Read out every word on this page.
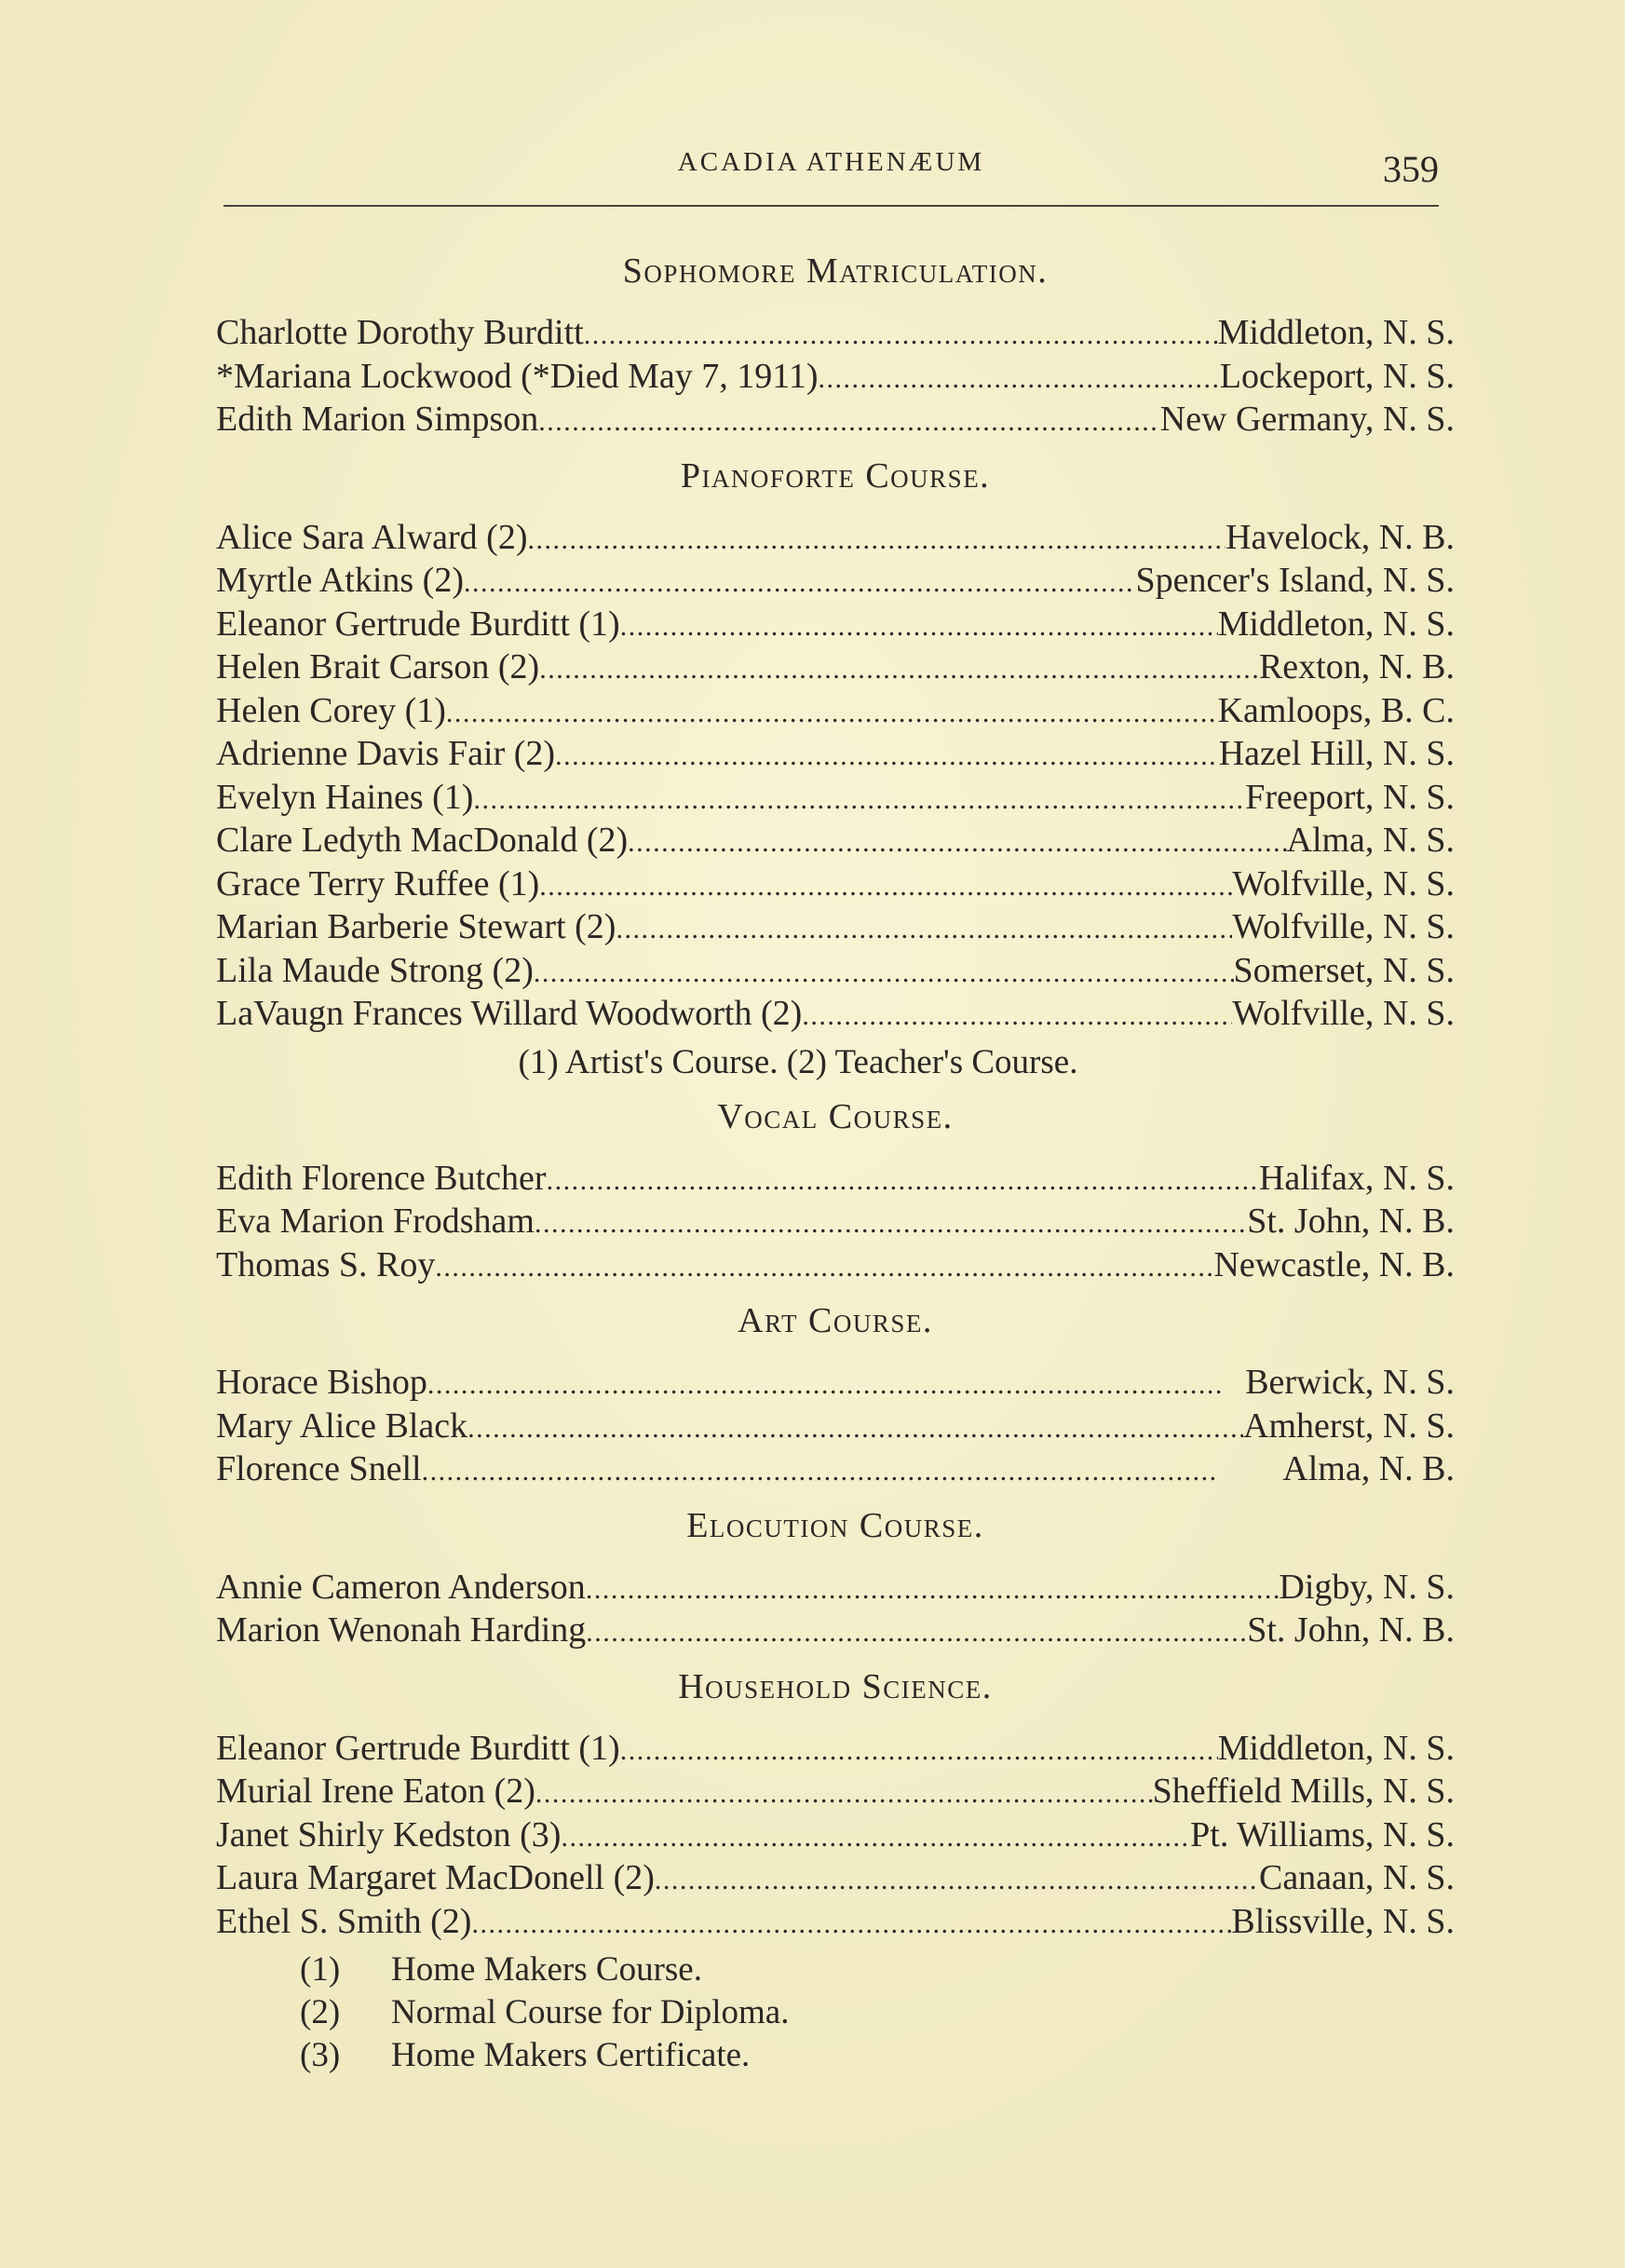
ACADIA ATHENÆUM	359
Sophomore Matriculation.
Charlotte Dorothy Burditt . . .	Middleton, N. S.
*Mariana Lockwood (*Died May 7, 1911) . . .	Lockeport, N. S.
Edith Marion Simpson . . .	New Germany, N. S.
Pianoforte Course.
Alice Sara Alward (2) . . .	Havelock, N. B.
Myrtle Atkins (2) . . .	Spencer's Island, N. S.
Eleanor Gertrude Burditt (1) . . .	Middleton, N. S.
Helen Brait Carson (2) . . .	Rexton, N. B.
Helen Corey (1) . . .	Kamloops, B. C.
Adrienne Davis Fair (2) . . .	Hazel Hill, N. S.
Evelyn Haines (1) . . .	Freeport, N. S.
Clare Ledyth MacDonald (2) . . .	Alma, N. S.
Grace Terry Ruffee (1) . . .	Wolfville, N. S.
Marian Barberie Stewart (2) . . .	Wolfville, N. S.
Lila Maude Strong (2) . . .	Somerset, N. S.
LaVaugn Frances Willard Woodworth (2) . . .	Wolfville, N. S.
(1) Artist's Course. (2) Teacher's Course.
Vocal Course.
Edith Florence Butcher . . .	Halifax, N. S.
Eva Marion Frodsham . . .	St. John, N. B.
Thomas S. Roy . . .	Newcastle, N. B.
Art Course.
Horace Bishop . . .	Berwick, N. S.
Mary Alice Black . . .	Amherst, N. S.
Florence Snell . . .	Alma, N. B.
Elocution Course.
Annie Cameron Anderson . . .	Digby, N. S.
Marion Wenonah Harding . . .	St. John, N. B.
Household Science.
Eleanor Gertrude Burditt (1) . . .	Middleton, N. S.
Murial Irene Eaton (2) . . .	Sheffield Mills, N. S.
Janet Shirly Kedston (3) . . .	Pt. Williams, N. S.
Laura Margaret MacDonell (2) . . .	Canaan, N. S.
Ethel S. Smith (2) . . .	Blissville, N. S.
(1) Home Makers Course.
(2) Normal Course for Diploma.
(3) Home Makers Certificate.
